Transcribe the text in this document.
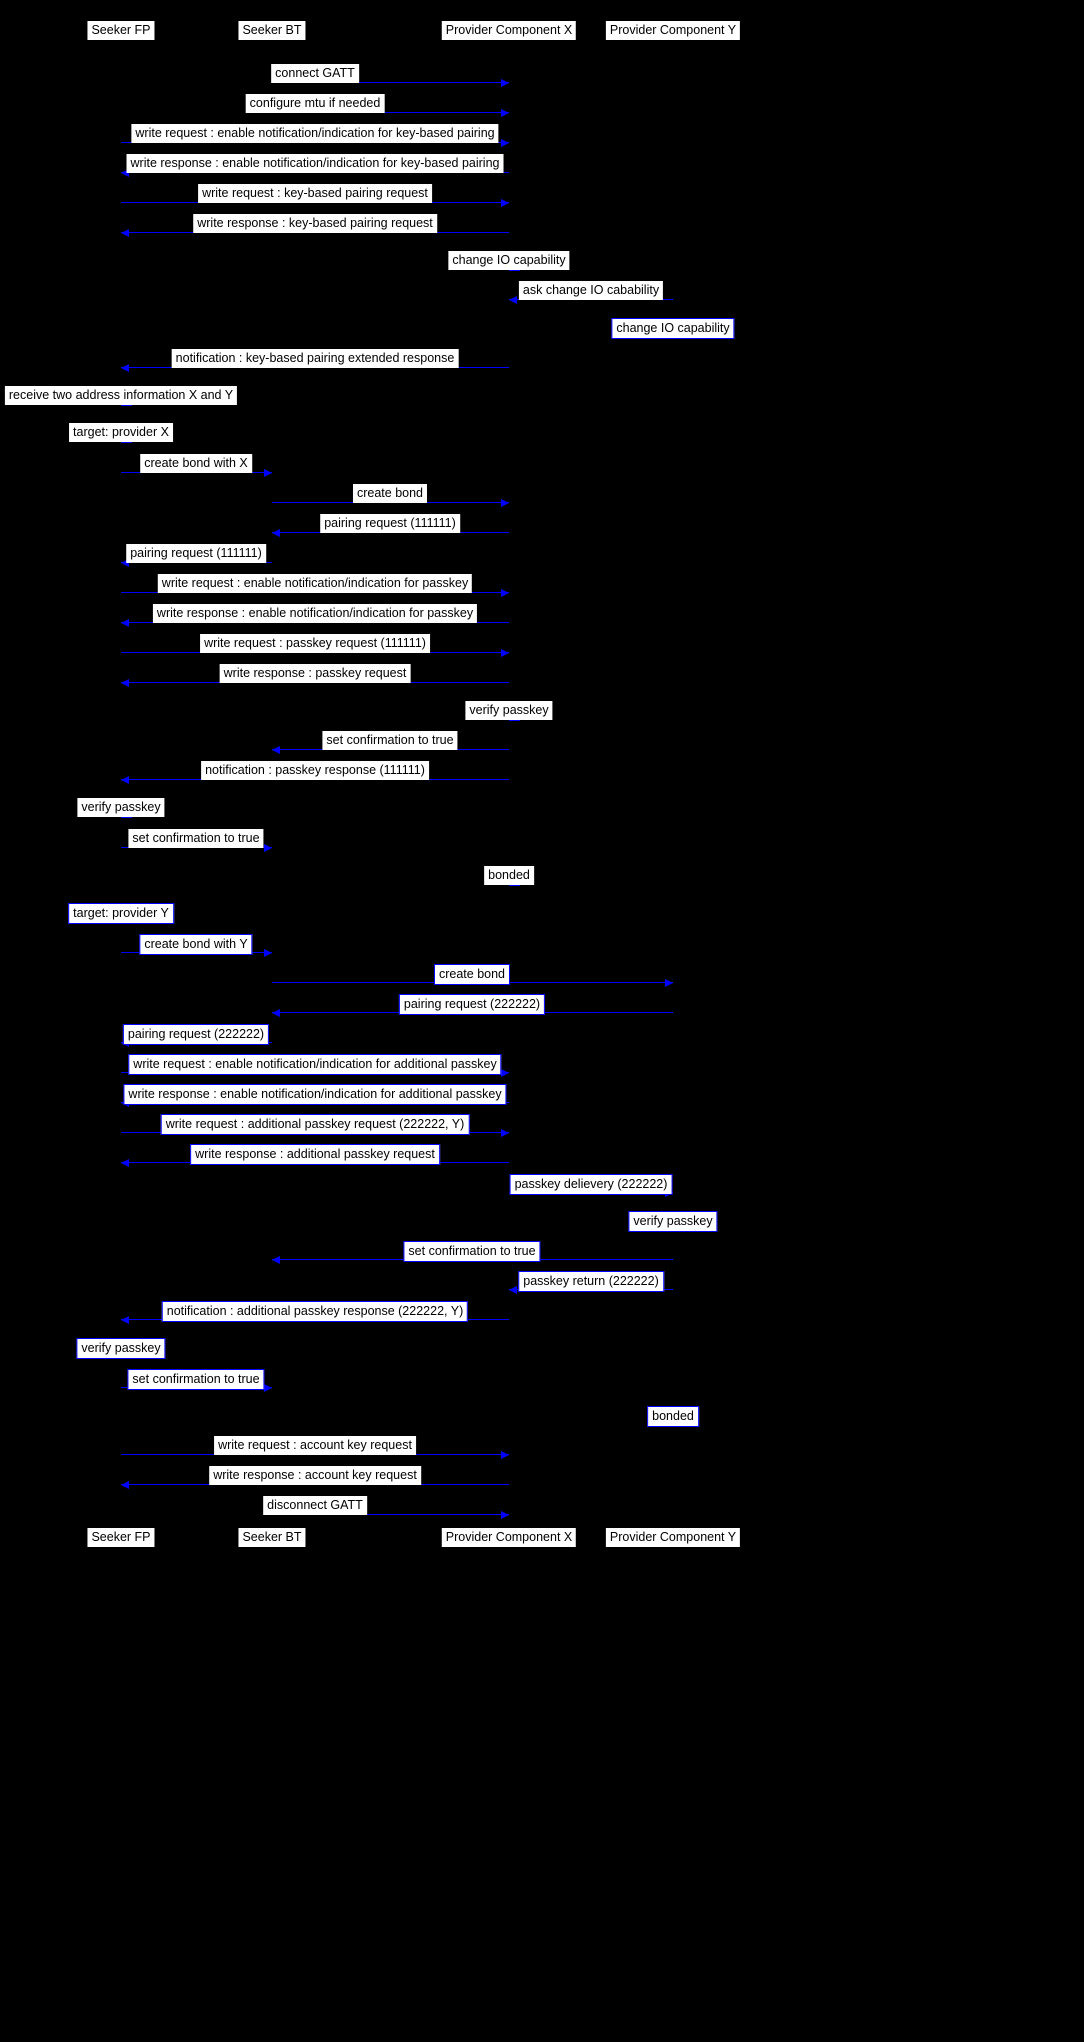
Seeker FP	Seeker BT	Provider Component X	Provider Component Y
connect GATT
configure mtu if needed
write request : enable notification/indication for key-based pairing
write response : enable notification/indication for key-based pairing
write request : key-based pairing request
write response : key-based pairing request
change IO capability
ask change IO cabability
change IO capability
notification : key-based pairing extended response
receive two address information X and Y
target: provider X
create bond with X
create bond
pairing request (111111)
pairing request (111111)
write request : enable notification/indication for passkey
write response : enable notification/indication for passkey
write request : passkey request (111111)
write response : passkey request
verify passkey
set confirmation to true
notification : passkey response (111111)
verify passkey
set confirmation to true
bonded
target: provider Y
create bond with Y
create bond
pairing request (222222)
pairing request (222222)
write request : enable notification/indication for additional passkey
write response : enable notification/indication for additional passkey
write request : additional passkey request (222222, Y)
write response : additional passkey request
passkey delievery (222222)
verify passkey
set confirmation to true
passkey return (222222)
notification : additional passkey response (222222, Y)
verify passkey
set confirmation to true
bonded
write request : account key request
write response : account key request
disconnect GATT
Seeker FP	Seeker BT	Provider Component X	Provider Component Y
